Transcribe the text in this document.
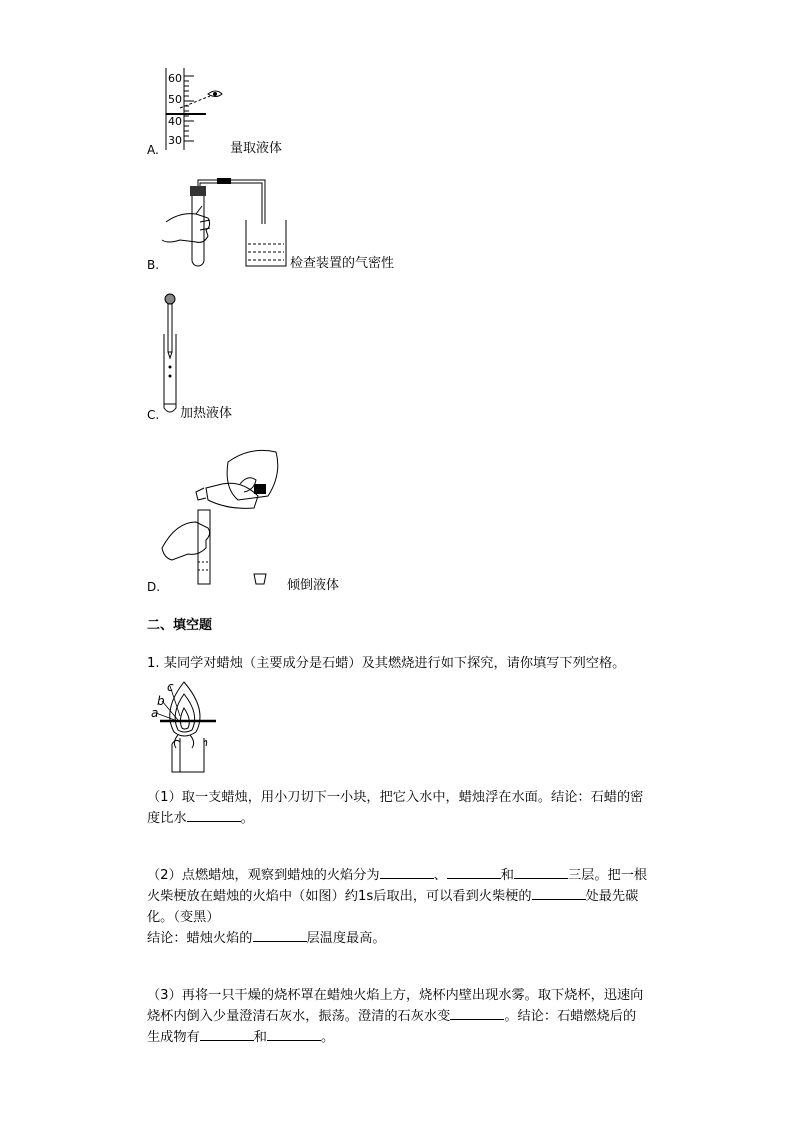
60
50
40
30
A.	量取液体
B.	检查装置的气密性
C. 加热液体
D.	倾倒液体
二、填空题
1. 某同学对蜡烛（主要成分是石蜡）及其燃烧进行如下探究，请你填写下列空格。
c
b
a
（1）取一支蜡烛，用小刀切下一小块，把它入水中，蜡烛浮在水面。结论：石蜡的密
度比水	。
（2）点燃蜡烛，观察到蜡烛的火焰分为	、	和	三层。把一根
火柴梗放在蜡烛的火焰中（如图）约1s后取出，可以看到火柴梗的	处最先碳
化。（变黑）
结论：蜡烛火焰的	层温度最高。
（3）再将一只干燥的烧杯罩在蜡烛火焰上方，烧杯内壁出现水雾。取下烧杯，迅速向
烧杯内倒入少量澄清石灰水，振荡。澄清的石灰水变	。结论：石蜡燃烧后的
生成物有	和	。
